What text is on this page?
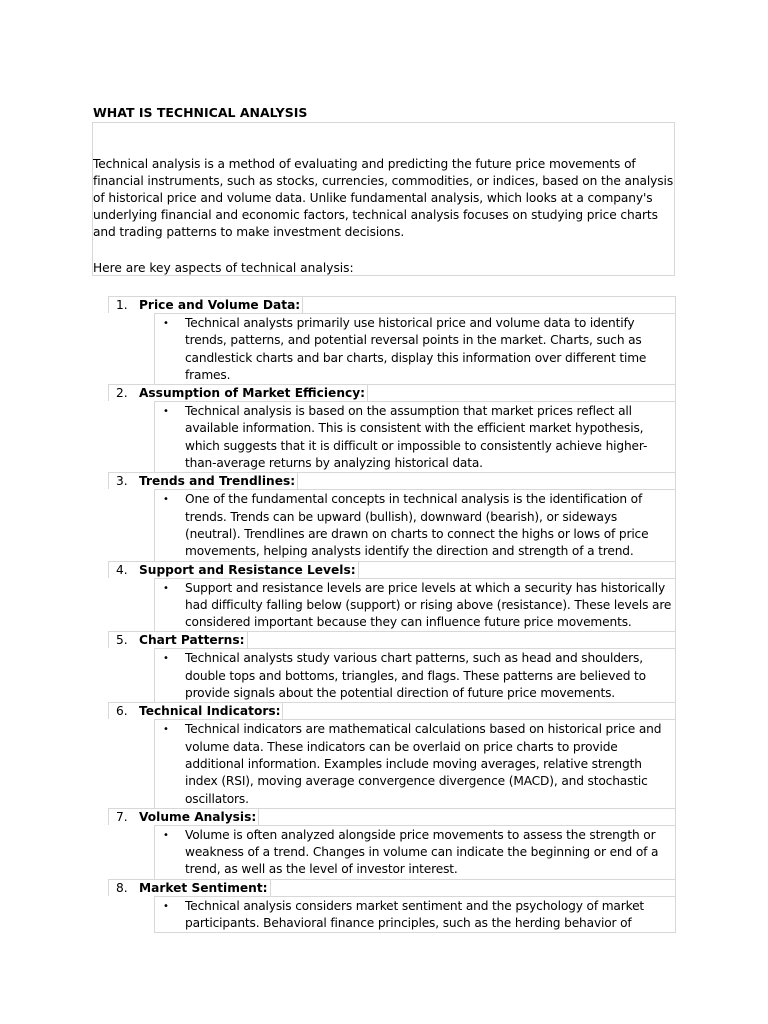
WHAT IS TECHNICAL ANALYSIS

Technical analysis is a method of evaluating and predicting the future price movements of financial instruments, such as stocks, currencies, commodities, or indices, based on the analysis of historical price and volume data. Unlike fundamental analysis, which looks at a company's underlying financial and economic factors, technical analysis focuses on studying price charts and trading patterns to make investment decisions.

Here are key aspects of technical analysis:

1. Price and Volume Data:
• Technical analysts primarily use historical price and volume data to identify trends, patterns, and potential reversal points in the market. Charts, such as candlestick charts and bar charts, display this information over different time frames.
2. Assumption of Market Efficiency:
• Technical analysis is based on the assumption that market prices reflect all available information. This is consistent with the efficient market hypothesis, which suggests that it is difficult or impossible to consistently achieve higher-than-average returns by analyzing historical data.
3. Trends and Trendlines:
• One of the fundamental concepts in technical analysis is the identification of trends. Trends can be upward (bullish), downward (bearish), or sideways (neutral). Trendlines are drawn on charts to connect the highs or lows of price movements, helping analysts identify the direction and strength of a trend.
4. Support and Resistance Levels:
• Support and resistance levels are price levels at which a security has historically had difficulty falling below (support) or rising above (resistance). These levels are considered important because they can influence future price movements.
5. Chart Patterns:
• Technical analysts study various chart patterns, such as head and shoulders, double tops and bottoms, triangles, and flags. These patterns are believed to provide signals about the potential direction of future price movements.
6. Technical Indicators:
• Technical indicators are mathematical calculations based on historical price and volume data. These indicators can be overlaid on price charts to provide additional information. Examples include moving averages, relative strength index (RSI), moving average convergence divergence (MACD), and stochastic oscillators.
7. Volume Analysis:
• Volume is often analyzed alongside price movements to assess the strength or weakness of a trend. Changes in volume can indicate the beginning or end of a trend, as well as the level of investor interest.
8. Market Sentiment:
• Technical analysis considers market sentiment and the psychology of market participants. Behavioral finance principles, such as the herding behavior of
